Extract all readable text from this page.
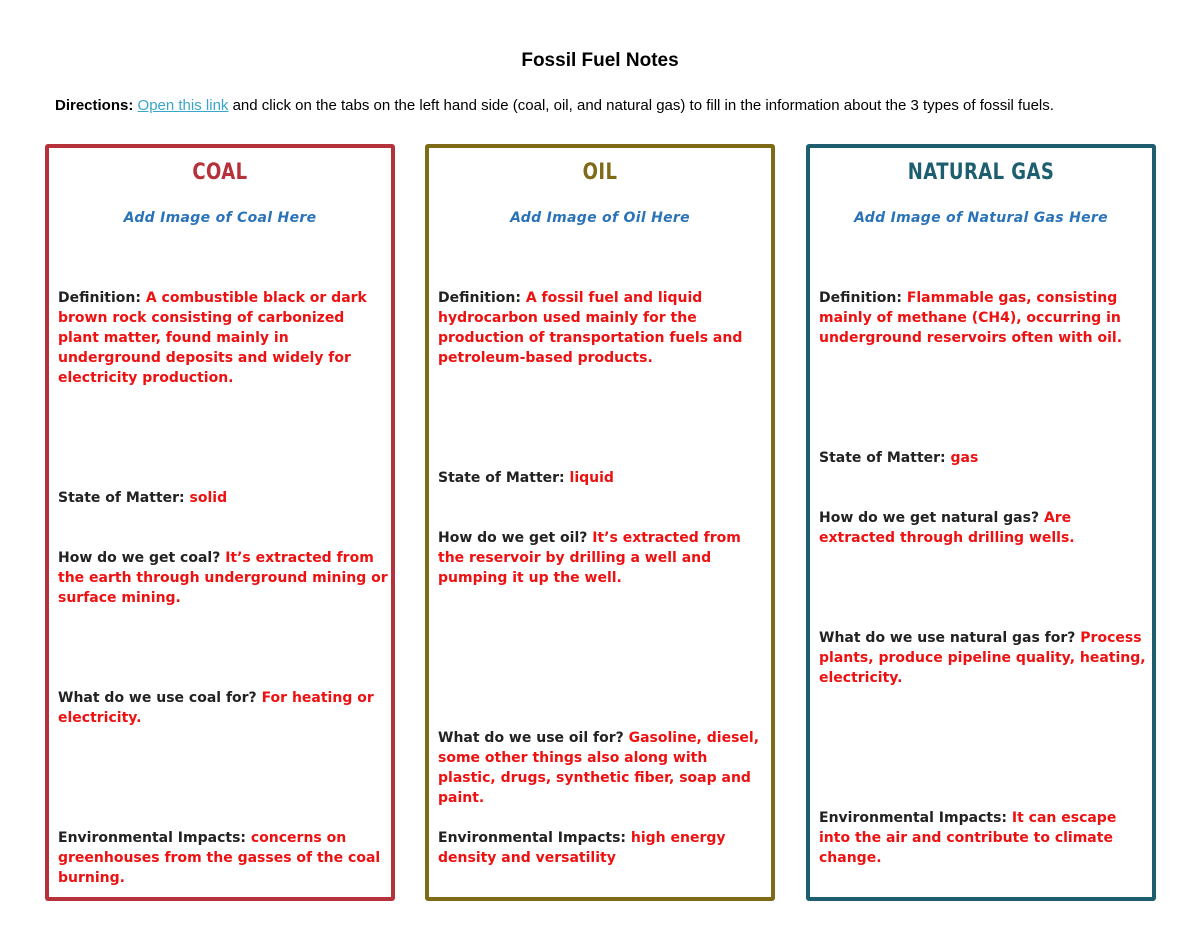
Fossil Fuel Notes
Directions: Open this link and click on the tabs on the left hand side (coal, oil, and natural gas) to fill in the information about the 3 types of fossil fuels.
COAL
Add Image of Coal Here
Definition: A combustible black or dark brown rock consisting of carbonized plant matter, found mainly in underground deposits and widely for electricity production.
State of Matter: solid
How do we get coal? It’s extracted from the earth through underground mining or surface mining.
What do we use coal for? For heating or electricity.
Environmental Impacts: concerns on greenhouses from the gasses of the coal burning.
OIL
Add Image of Oil Here
Definition: A fossil fuel and liquid hydrocarbon used mainly for the production of transportation fuels and petroleum-based products.
State of Matter: liquid
How do we get oil? It’s extracted from the reservoir by drilling a well and pumping it up the well.
What do we use oil for? Gasoline, diesel, some other things also along with plastic, drugs, synthetic fiber, soap and paint.
Environmental Impacts: high energy density and versatility
NATURAL GAS
Add Image of Natural Gas Here
Definition: Flammable gas, consisting mainly of methane (CH4), occurring in underground reservoirs often with oil.
State of Matter: gas
How do we get natural gas? Are extracted through drilling wells.
What do we use natural gas for? Process plants, produce pipeline quality, heating, electricity.
Environmental Impacts: It can escape into the air and contribute to climate change.
